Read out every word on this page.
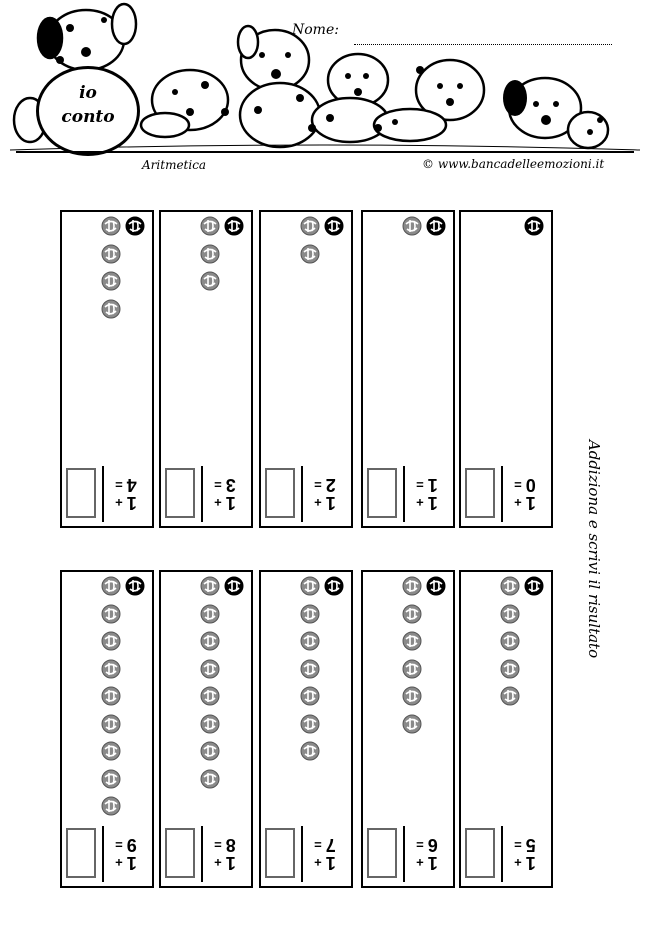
io
conto
Nome:
Aritmetica	© www.bancadelleemozioni.it
Addiziona e scrivi il risultato
1
0
+
=
1
1
+
=
1
2
+
=
1
3
+
=
1
4
+
=
1
5
+
=
1
6
+
=
1
7
+
=
1
8
+
=
1
9
+
=
